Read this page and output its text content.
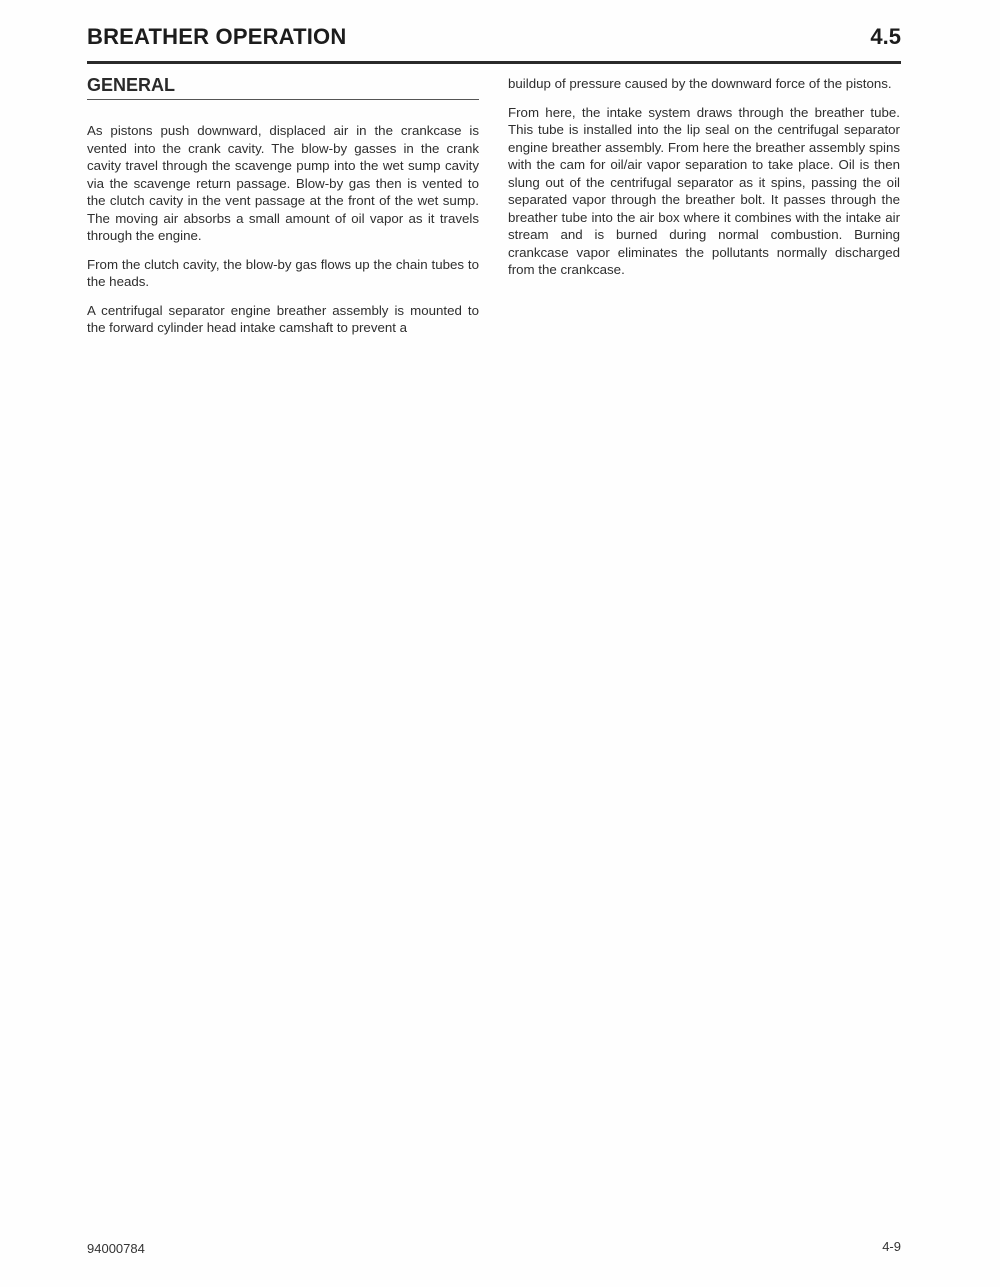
BREATHER OPERATION	4.5
GENERAL

As pistons push downward, displaced air in the crankcase is vented into the crank cavity. The blow-by gasses in the crank cavity travel through the scavenge pump into the wet sump cavity via the scavenge return passage. Blow-by gas then is vented to the clutch cavity in the vent passage at the front of the wet sump. The moving air absorbs a small amount of oil vapor as it travels through the engine.

From the clutch cavity, the blow-by gas flows up the chain tubes to the heads.

A centrifugal separator engine breather assembly is mounted to the forward cylinder head intake camshaft to prevent a

buildup of pressure caused by the downward force of the pistons.

From here, the intake system draws through the breather tube. This tube is installed into the lip seal on the centrifugal separator engine breather assembly. From here the breather assembly spins with the cam for oil/air vapor separation to take place. Oil is then slung out of the centrifugal separator as it spins, passing the oil separated vapor through the breather bolt. It passes through the breather tube into the air box where it combines with the intake air stream and is burned during normal combustion. Burning crankcase vapor eliminates the pollutants normally discharged from the crankcase.

94000784	4-9
